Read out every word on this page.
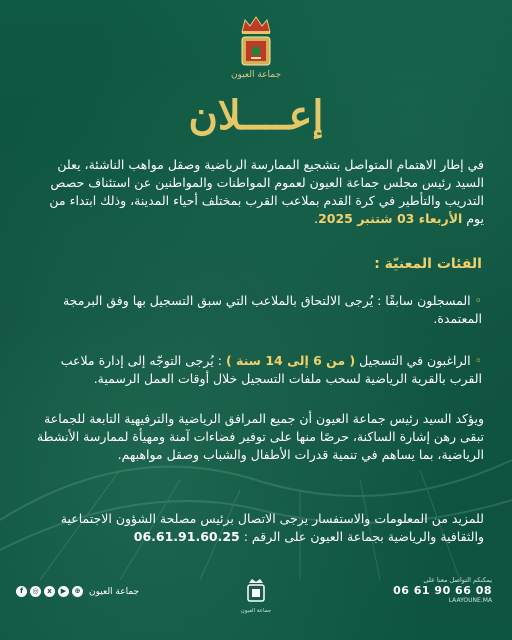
جماعة العيون
إعــــلان
في إطار الاهتمام المتواصل بتشجيع الممارسة الرياضية وصقل مواهب الناشئة، يعلن السيد رئيس مجلس جماعة العيون لعموم المواطنات والمواطنين عن استئناف حصص التدريب والتأطير في كرة القدم بملاعب القرب بمختلف أحياء المدينة، وذلك ابتداء من يوم الأربعاء 03 شتنبر 2025.
الفئات المعنيّة :
◦ المسجلون سابقًا : يُرجى الالتحاق بالملاعب التي سبق التسجيل بها وفق البرمجة المعتمدة.
◦ الراغبون في التسجيل ( من 6 إلى 14 سنة ) : يُرجى التوجّه إلى إدارة ملاعب القرب بالقرية الرياضية لسحب ملفات التسجيل خلال أوقات العمل الرسمية.
ويؤكد السيد رئيس جماعة العيون أن جميع المرافق الرياضية والترفيهية التابعة للجماعة تبقى رهن إشارة الساكنة، حرصًا منها على توفير فضاءات آمنة ومهيأة لممارسة الأنشطة الرياضية، بما يساهم في تنمية قدرات الأطفال والشباب وصقل مواهبهم.
للمزيد من المعلومات والاستفسار يرجى الاتصال برئيس مصلحة الشؤون الاجتماعية والثقافية والرياضية بجماعة العيون على الرقم : 06.61.91.60.25
يمكنكم التواصل معنا على
06 61 90 66 08
LAAYOUNE.MA
جماعة العيون
f	◎	x	▶	⊕ جماعة العيون
